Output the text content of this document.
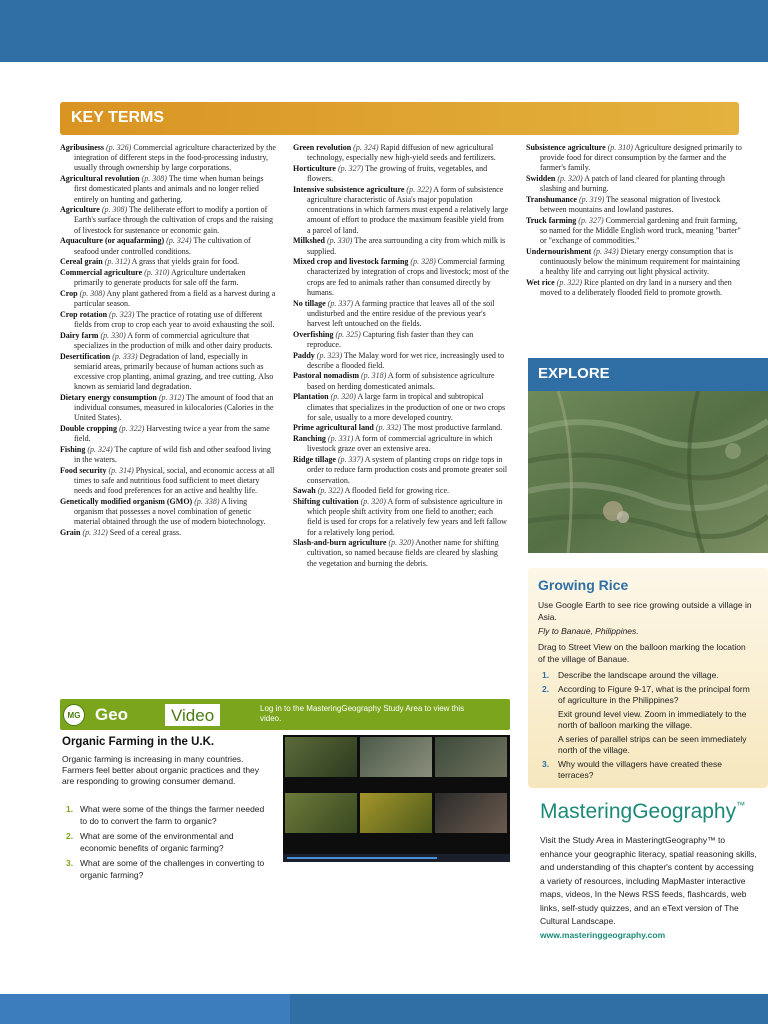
KEY TERMS
Agribusiness (p. 326) Commercial agriculture characterized by the integration of different steps in the food-processing industry, usually through ownership by large corporations.
Agricultural revolution (p. 308) The time when human beings first domesticated plants and animals and no longer relied entirely on hunting and gathering.
Agriculture (p. 308) The deliberate effort to modify a portion of Earth's surface through the cultivation of crops and the raising of livestock for sustenance or economic gain.
Aquaculture (or aquafarming) (p. 324) The cultivation of seafood under controlled conditions.
Cereal grain (p. 312) A grass that yields grain for food.
Commercial agriculture (p. 310) Agriculture undertaken primarily to generate products for sale off the farm.
Crop (p. 308) Any plant gathered from a field as a harvest during a particular season.
Crop rotation (p. 323) The practice of rotating use of different fields from crop to crop each year to avoid exhausting the soil.
Dairy farm (p. 330) A form of commercial agriculture that specializes in the production of milk and other dairy products.
Desertification (p. 333) Degradation of land, especially in semiarid areas, primarily because of human actions such as excessive crop planting, animal grazing, and tree cutting. Also known as semiarid land degradation.
Dietary energy consumption (p. 312) The amount of food that an individual consumes, measured in kilocalories (Calories in the United States).
Double cropping (p. 322) Harvesting twice a year from the same field.
Fishing (p. 324) The capture of wild fish and other seafood living in the waters.
Food security (p. 314) Physical, social, and economic access at all times to safe and nutritious food sufficient to meet dietary needs and food preferences for an active and healthy life.
Genetically modified organism (GMO) (p. 338) A living organism that possesses a novel combination of genetic material obtained through the use of modern biotechnology.
Grain (p. 312) Seed of a cereal grass.
Green revolution (p. 324) Rapid diffusion of new agricultural technology, especially new high-yield seeds and fertilizers.
Horticulture (p. 327) The growing of fruits, vegetables, and flowers.
Intensive subsistence agriculture (p. 322) A form of subsistence agriculture characteristic of Asia's major population concentrations in which farmers must expend a relatively large amount of effort to produce the maximum feasible yield from a parcel of land.
Milkshed (p. 330) The area surrounding a city from which milk is supplied.
Mixed crop and livestock farming (p. 328) Commercial farming characterized by integration of crops and livestock; most of the crops are fed to animals rather than consumed directly by humans.
No tillage (p. 337) A farming practice that leaves all of the soil undisturbed and the entire residue of the previous year's harvest left untouched on the fields.
Overfishing (p. 325) Capturing fish faster than they can reproduce.
Paddy (p. 323) The Malay word for wet rice, increasingly used to describe a flooded field.
Pastoral nomadism (p. 318) A form of subsistence agriculture based on herding domesticated animals.
Plantation (p. 320) A large farm in tropical and subtropical climates that specializes in the production of one or two crops for sale, usually to a more developed country.
Prime agricultural land (p. 332) The most productive farmland.
Ranching (p. 331) A form of commercial agriculture in which livestock graze over an extensive area.
Ridge tillage (p. 337) A system of planting crops on ridge tops in order to reduce farm production costs and promote greater soil conservation.
Sawah (p. 322) A flooded field for growing rice.
Shifting cultivation (p. 320) A form of subsistence agriculture in which people shift activity from one field to another; each field is used for crops for a relatively few years and left fallow for a relatively long period.
Slash-and-burn agriculture (p. 320) Another name for shifting cultivation, so named because fields are cleared by slashing the vegetation and burning the debris.
Subsistence agriculture (p. 310) Agriculture designed primarily to provide food for direct consumption by the farmer and the farmer's family.
Swidden (p. 320) A patch of land cleared for planting through slashing and burning.
Transhumance (p. 319) The seasonal migration of livestock between mountains and lowland pastures.
Truck farming (p. 327) Commercial gardening and fruit farming, so named for the Middle English word truck, meaning "barter" or "exchange of commodities."
Undernourishment (p. 343) Dietary energy consumption that is continuously below the minimum requirement for maintaining a healthy life and carrying out light physical activity.
Wet rice (p. 322) Rice planted on dry land in a nursery and then moved to a deliberately flooded field to promote growth.
EXPLORE
Growing Rice

Use Google Earth to see rice growing outside a village in Asia.

Fly to Banaue, Philippines.

Drag to Street View on the balloon marking the location of the village of Banaue.

1. Describe the landscape around the village.
2. According to Figure 9-17, what is the principal form of agriculture in the Philippines?
Exit ground level view. Zoom in immediately to the north of balloon marking the village.
A series of parallel strips can be seen immediately north of the village.
3. Why would the villagers have created these terraces?
MasteringGeography™
Visit the Study Area in MasteringtGeography™ to enhance your geographic literacy, spatial reasoning skills, and understanding of this chapter's content by accessing a variety of resources, including MapMaster interactive maps, videos, In the News RSS feeds, flashcards, web links, self-study quizzes, and an eText version of The Cultural Landscape.
www.masteringgeography.com
MG Geo	Video	Log in to the MasteringGeography Study Area to view this video.
Organic Farming in the U.K.
Organic farming is increasing in many countries. Farmers feel better about organic practices and they are responding to growing consumer demand.
1. What were some of the things the farmer needed to do to convert the farm to organic?
2. What are some of the environmental and economic benefits of organic farming?
3. What are some of the challenges in converting to organic farming?
